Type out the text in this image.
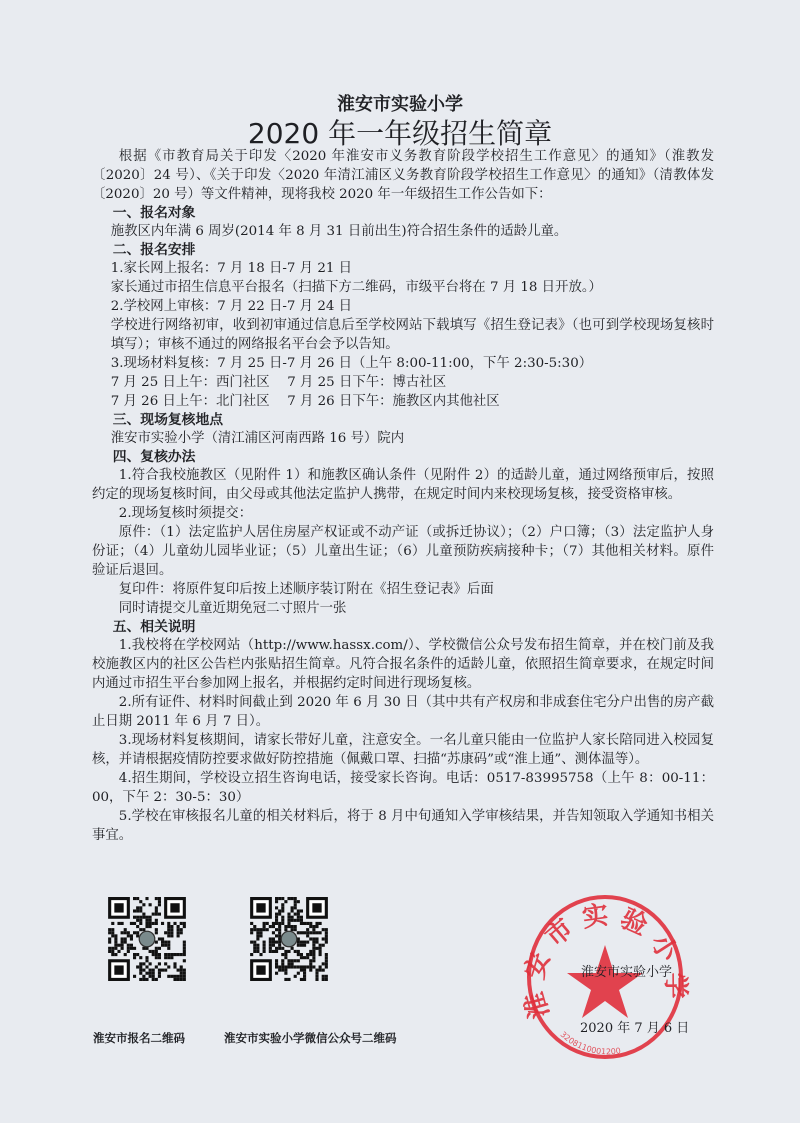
淮安市实验小学
2020 年一年级招生简章

根据《市教育局关于印发〈2020 年淮安市义务教育阶段学校招生工作意见〉的通知》（淮教发〔2020〕24 号）、《关于印发〈2020 年清江浦区义务教育阶段学校招生工作意见〉的通知》（清教体发〔2020〕20 号）等文件精神，现将我校 2020 年一年级招生工作公告如下：

一、报名对象

施教区内年满 6 周岁(2014 年 8 月 31 日前出生)符合招生条件的适龄儿童。

二、报名安排

1.家长网上报名：7 月 18 日-7 月 21 日

家长通过市招生信息平台报名（扫描下方二维码，市级平台将在 7 月 18 日开放。）

2.学校网上审核：7 月 22 日-7 月 24 日

学校进行网络初审，收到初审通过信息后至学校网站下载填写《招生登记表》（也可到学校现场复核时填写）；审核不通过的网络报名平台会予以告知。

3.现场材料复核：7 月 25 日-7 月 26 日（上午 8:00-11:00，下午 2:30-5:30）

7 月 25 日上午：西门社区　 7 月 25 日下午：博古社区

7 月 26 日上午：北门社区　 7 月 26 日下午：施教区内其他社区

三、现场复核地点

淮安市实验小学（清江浦区河南西路 16 号）院内

四、复核办法

1.符合我校施教区（见附件 1）和施教区确认条件（见附件 2）的适龄儿童，通过网络预审后，按照约定的现场复核时间，由父母或其他法定监护人携带，在规定时间内来校现场复核，接受资格审核。

2.现场复核时须提交：

原件：（1）法定监护人居住房屋产权证或不动产证（或拆迁协议）；（2）户口簿；（3）法定监护人身份证；（4）儿童幼儿园毕业证；（5）儿童出生证；（6）儿童预防疾病接种卡；（7）其他相关材料。原件验证后退回。

复印件：将原件复印后按上述顺序装订附在《招生登记表》后面

同时请提交儿童近期免冠二寸照片一张

五、相关说明

1.我校将在学校网站（http://www.hassx.com/）、学校微信公众号发布招生简章，并在校门前及我校施教区内的社区公告栏内张贴招生简章。凡符合报名条件的适龄儿童，依照招生简章要求，在规定时间内通过市招生平台参加网上报名，并根据约定时间进行现场复核。

2.所有证件、材料时间截止到 2020 年 6 月 30 日（其中共有产权房和非成套住宅分户出售的房产截止日期 2011 年 6 月 7 日）。

3.现场材料复核期间，请家长带好儿童，注意安全。一名儿童只能由一位监护人家长陪同进入校园复核，并请根据疫情防控要求做好防控措施（佩戴口罩、扫描“苏康码”或“淮上通”、测体温等）。

4.招生期间，学校设立招生咨询电话，接受家长咨询。电话：0517-83995758（上午 8：00-11：00，下午 2：30-5：30）

5.学校在审核报名儿童的相关材料后，将于 8 月中旬通知入学审核结果，并告知领取入学通知书相关事宜。

淮安市报名二维码	淮安市实验小学微信公众号二维码
淮 安 市 实 验 小 学
3208110001200
淮安市实验小学
2020 年 7 月 6 日
